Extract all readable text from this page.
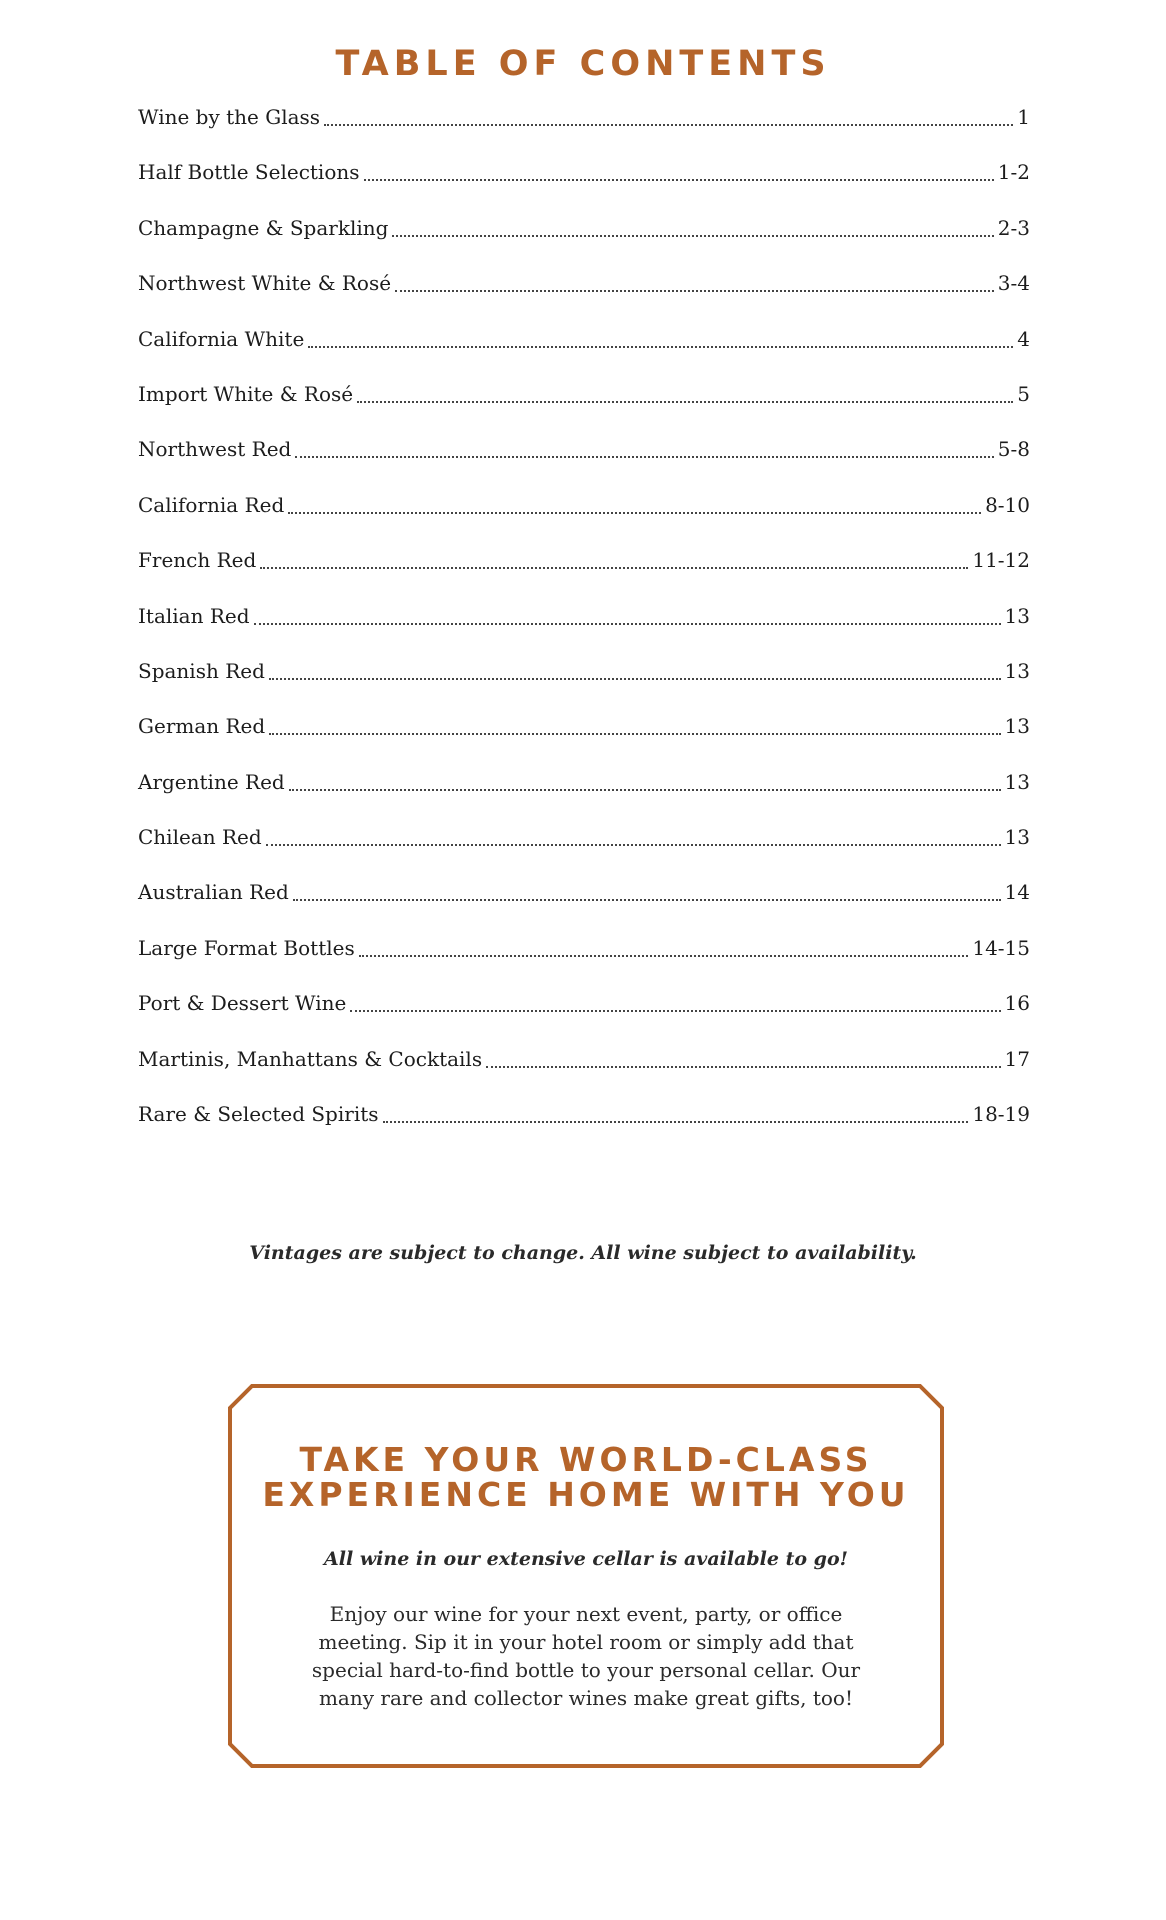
TABLE OF CONTENTS
Wine by the Glass	1
Half Bottle Selections	1-2
Champagne & Sparkling	2-3
Northwest White & Rosé	3-4
California White	4
Import White & Rosé	5
Northwest Red	5-8
California Red	8-10
French Red	11-12
Italian Red	13
Spanish Red	13
German Red	13
Argentine Red	13
Chilean Red	13
Australian Red	14
Large Format Bottles	14-15
Port & Dessert Wine	16
Martinis, Manhattans & Cocktails	17
Rare & Selected Spirits	18-19
Vintages are subject to change. All wine subject to availability.
TAKE YOUR WORLD-CLASS
EXPERIENCE HOME WITH YOU
All wine in our extensive cellar is available to go!
Enjoy our wine for your next event, party, or office
meeting. Sip it in your hotel room or simply add that
special hard-to-find bottle to your personal cellar. Our
many rare and collector wines make great gifts, too!
